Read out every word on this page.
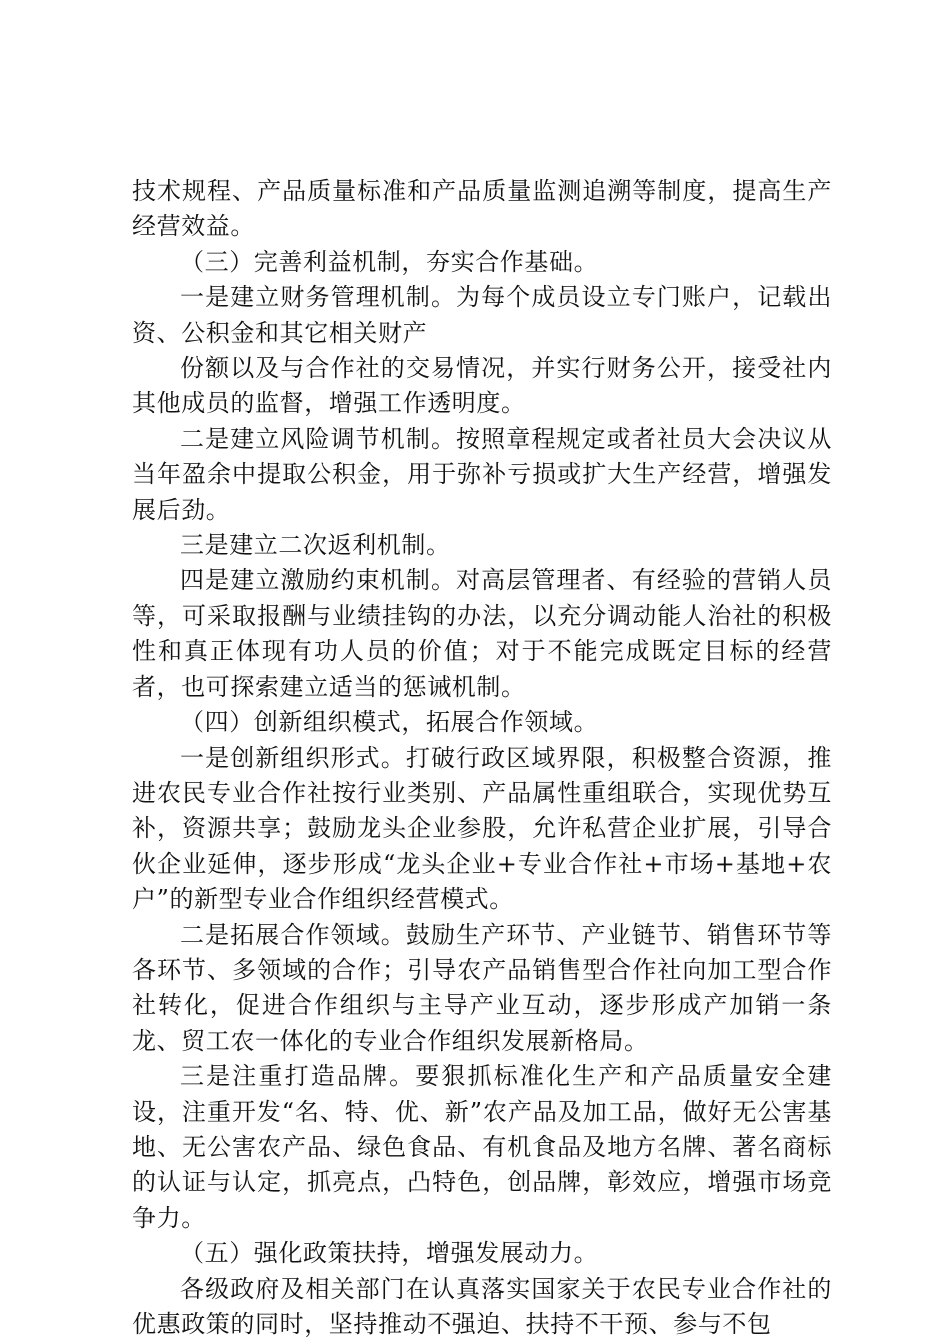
技术规程、产品质量标准和产品质量监测追溯等制度，提高生产经营效益。

（三）完善利益机制，夯实合作基础。

一是建立财务管理机制。为每个成员设立专门账户，记载出资、公积金和其它相关财产

份额以及与合作社的交易情况，并实行财务公开，接受社内其他成员的监督，增强工作透明度。

二是建立风险调节机制。按照章程规定或者社员大会决议从当年盈余中提取公积金，用于弥补亏损或扩大生产经营，增强发展后劲。

三是建立二次返利机制。

四是建立激励约束机制。对高层管理者、有经验的营销人员等，可采取报酬与业绩挂钩的办法，以充分调动能人治社的积极性和真正体现有功人员的价值；对于不能完成既定目标的经营者，也可探索建立适当的惩诫机制。

（四）创新组织模式，拓展合作领域。

一是创新组织形式。打破行政区域界限，积极整合资源，推进农民专业合作社按行业类别、产品属性重组联合，实现优势互补，资源共享；鼓励龙头企业参股，允许私营企业扩展，引导合伙企业延伸，逐步形成“龙头企业+专业合作社+市场+基地+农户”的新型专业合作组织经营模式。

二是拓展合作领域。鼓励生产环节、产业链节、销售环节等各环节、多领域的合作；引导农产品销售型合作社向加工型合作社转化，促进合作组织与主导产业互动，逐步形成产加销一条龙、贸工农一体化的专业合作组织发展新格局。

三是注重打造品牌。要狠抓标准化生产和产品质量安全建设，注重开发“名、特、优、新”农产品及加工品，做好无公害基地、无公害农产品、绿色食品、有机食品及地方名牌、著名商标的认证与认定，抓亮点，凸特色，创品牌，彰效应，增强市场竞争力。

（五）强化政策扶持，增强发展动力。

各级政府及相关部门在认真落实国家关于农民专业合作社的优惠政策的同时，坚持推动不强迫、扶持不干预、参与不包
